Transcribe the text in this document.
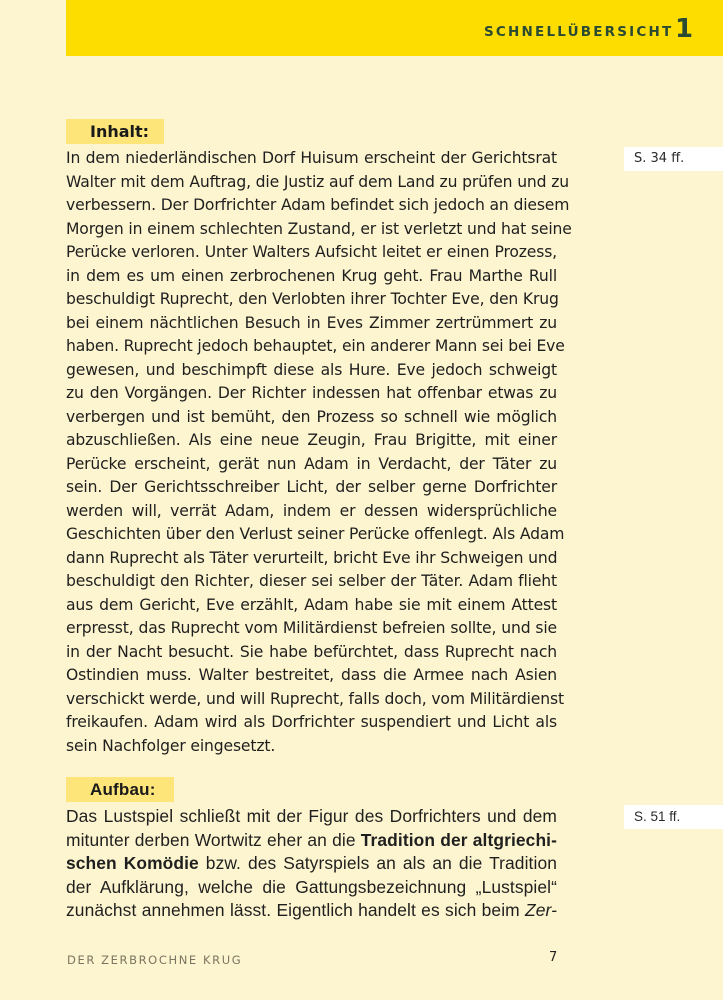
SCHNELLÜBERSICHT 1
Inhalt:
S. 34 ff.
In dem niederländischen Dorf Huisum erscheint der Gerichtsrat
Walter mit dem Auftrag, die Justiz auf dem Land zu prüfen und zu
verbessern. Der Dorfrichter Adam befindet sich jedoch an diesem
Morgen in einem schlechten Zustand, er ist verletzt und hat seine
Perücke verloren. Unter Walters Aufsicht leitet er einen Prozess,
in dem es um einen zerbrochenen Krug geht. Frau Marthe Rull
beschuldigt Ruprecht, den Verlobten ihrer Tochter Eve, den Krug
bei einem nächtlichen Besuch in Eves Zimmer zertrümmert zu
haben. Ruprecht jedoch behauptet, ein anderer Mann sei bei Eve
gewesen, und beschimpft diese als Hure. Eve jedoch schweigt
zu den Vorgängen. Der Richter indessen hat offenbar etwas zu
verbergen und ist bemüht, den Prozess so schnell wie möglich
abzuschließen. Als eine neue Zeugin, Frau Brigitte, mit einer
Perücke erscheint, gerät nun Adam in Verdacht, der Täter zu
sein. Der Gerichtsschreiber Licht, der selber gerne Dorfrichter
werden will, verrät Adam, indem er dessen widersprüchliche
Geschichten über den Verlust seiner Perücke offenlegt. Als Adam
dann Ruprecht als Täter verurteilt, bricht Eve ihr Schweigen und
beschuldigt den Richter, dieser sei selber der Täter. Adam flieht
aus dem Gericht, Eve erzählt, Adam habe sie mit einem Attest
erpresst, das Ruprecht vom Militärdienst befreien sollte, und sie
in der Nacht besucht. Sie habe befürchtet, dass Ruprecht nach
Ostindien muss. Walter bestreitet, dass die Armee nach Asien
verschickt werde, und will Ruprecht, falls doch, vom Militärdienst
freikaufen. Adam wird als Dorfrichter suspendiert und Licht als
sein Nachfolger eingesetzt.
Aufbau:
S. 51 ff.
Das Lustspiel schließt mit der Figur des Dorfrichters und dem
mitunter derben Wortwitz eher an die Tradition der altgriechi-
schen Komödie bzw. des Satyrspiels an als an die Tradition
der Aufklärung, welche die Gattungsbezeichnung „Lustspiel“
zunächst annehmen lässt. Eigentlich handelt es sich beim Zer-
DER ZERBROCHNE KRUG	7
